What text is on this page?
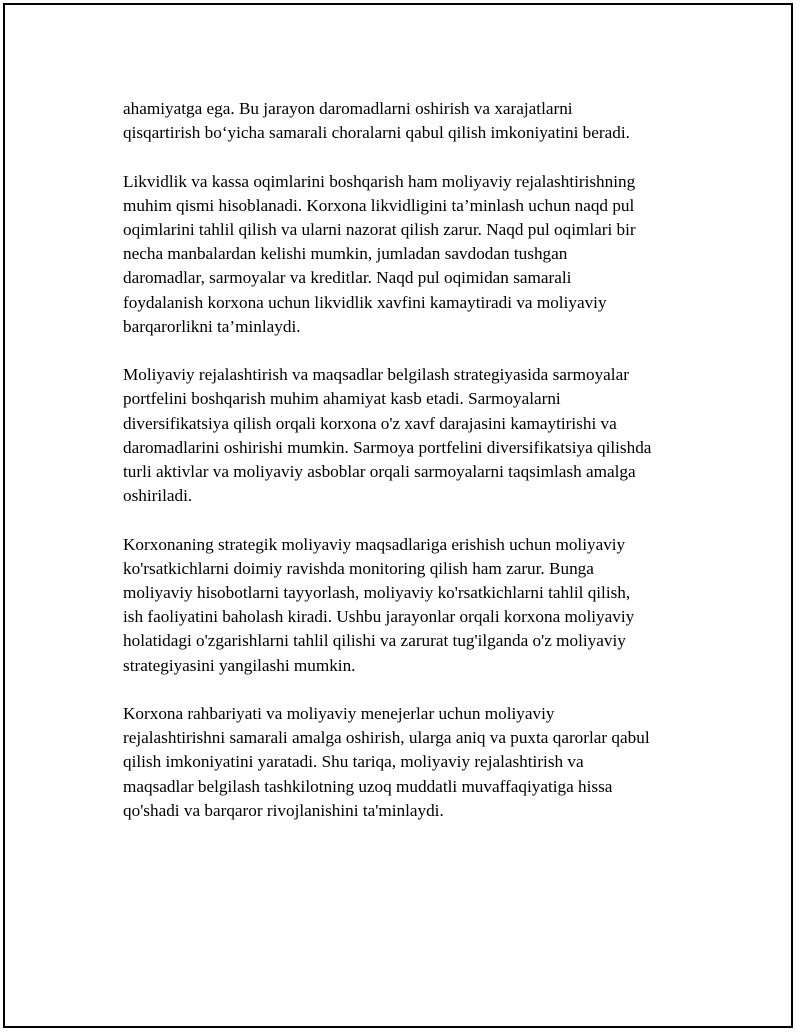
ahamiyatga ega. Bu jarayon daromadlarni oshirish va xarajatlarni
qisqartirish bo‘yicha samarali choralarni qabul qilish imkoniyatini beradi.

Likvidlik va kassa oqimlarini boshqarish ham moliyaviy rejalashtirishning
muhim qismi hisoblanadi. Korxona likvidligini ta’minlash uchun naqd pul
oqimlarini tahlil qilish va ularni nazorat qilish zarur. Naqd pul oqimlari bir
necha manbalardan kelishi mumkin, jumladan savdodan tushgan
daromadlar, sarmoyalar va kreditlar. Naqd pul oqimidan samarali
foydalanish korxona uchun likvidlik xavfini kamaytiradi va moliyaviy
barqarorlikni ta’minlaydi.

Moliyaviy rejalashtirish va maqsadlar belgilash strategiyasida sarmoyalar
portfelini boshqarish muhim ahamiyat kasb etadi. Sarmoyalarni
diversifikatsiya qilish orqali korxona o'z xavf darajasini kamaytirishi va
daromadlarini oshirishi mumkin. Sarmoya portfelini diversifikatsiya qilishda
turli aktivlar va moliyaviy asboblar orqali sarmoyalarni taqsimlash amalga
oshiriladi.

Korxonaning strategik moliyaviy maqsadlariga erishish uchun moliyaviy
ko'rsatkichlarni doimiy ravishda monitoring qilish ham zarur. Bunga
moliyaviy hisobotlarni tayyorlash, moliyaviy ko'rsatkichlarni tahlil qilish,
ish faoliyatini baholash kiradi. Ushbu jarayonlar orqali korxona moliyaviy
holatidagi o'zgarishlarni tahlil qilishi va zarurat tug'ilganda o'z moliyaviy
strategiyasini yangilashi mumkin.

Korxona rahbariyati va moliyaviy menejerlar uchun moliyaviy
rejalashtirishni samarali amalga oshirish, ularga aniq va puxta qarorlar qabul
qilish imkoniyatini yaratadi. Shu tariqa, moliyaviy rejalashtirish va
maqsadlar belgilash tashkilotning uzoq muddatli muvaffaqiyatiga hissa
qo'shadi va barqaror rivojlanishini ta'minlaydi.
